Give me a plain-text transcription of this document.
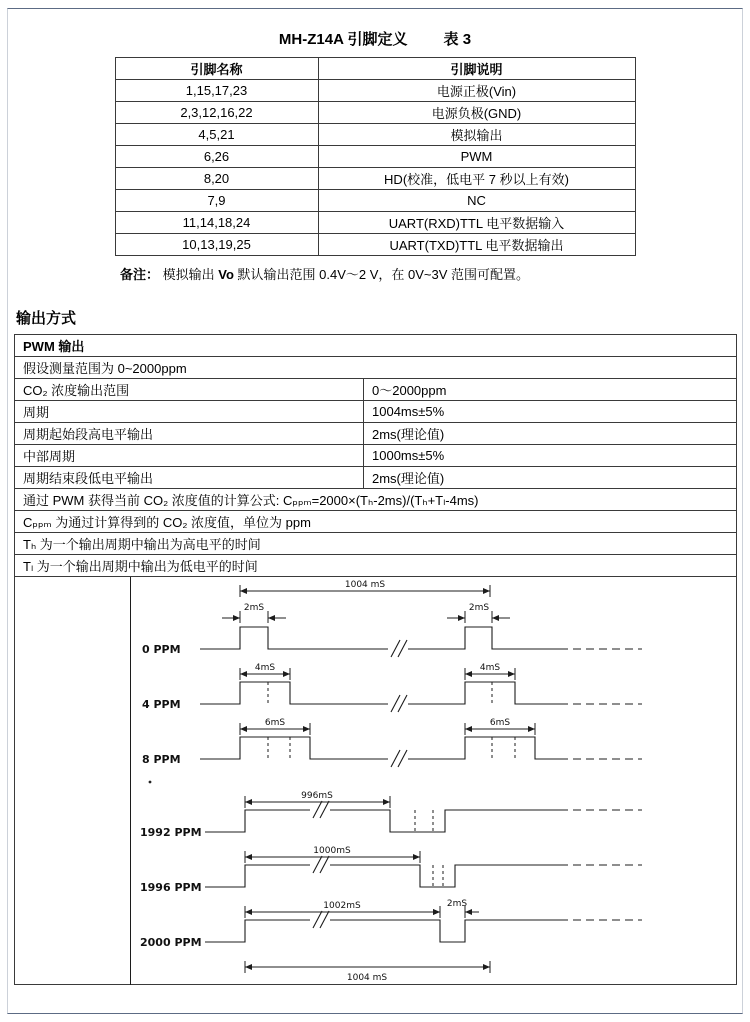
MH-Z14A 引脚定义 表 3
引脚名称	引脚说明
1,15,17,23	电源正极(Vin)
2,3,12,16,22	电源负极(GND)
4,5,21	模拟输出
6,26	PWM
8,20	HD(校准，低电平 7 秒以上有效)
7,9	NC
11,14,18,24	UART(RXD)TTL 电平数据输入
10,13,19,25	UART(TXD)TTL 电平数据输出
备注： 模拟输出 Vo 默认输出范围 0.4V～2 V，在 0V~3V 范围可配置。
输出方式
PWM 输出	
假设测量范围为 0~2000ppm	
CO₂ 浓度输出范围	0～2000ppm
周期	1004ms±5%
周期起始段高电平输出	2ms(理论值)
中部周期	1000ms±5%
周期结束段低电平输出	2ms(理论值)
通过 PWM 获得当前 CO₂ 浓度值的计算公式: Cₚₚₘ=2000×(Tₕ-2ms)/(Tₕ+Tₗ-4ms)	
Cₚₚₘ 为通过计算得到的 CO₂ 浓度值，单位为 ppm	
Tₕ 为一个输出周期中输出为高电平的时间	
Tₗ 为一个输出周期中输出为低电平的时间	

1004 mS
0 PPM
2mS	2mS
4 PPM
4mS	4mS
8 PPM
6mS	6mS
1992 PPM
996mS
1996 PPM
1000mS
2000 PPM
1002mS	2mS
1004 mS
